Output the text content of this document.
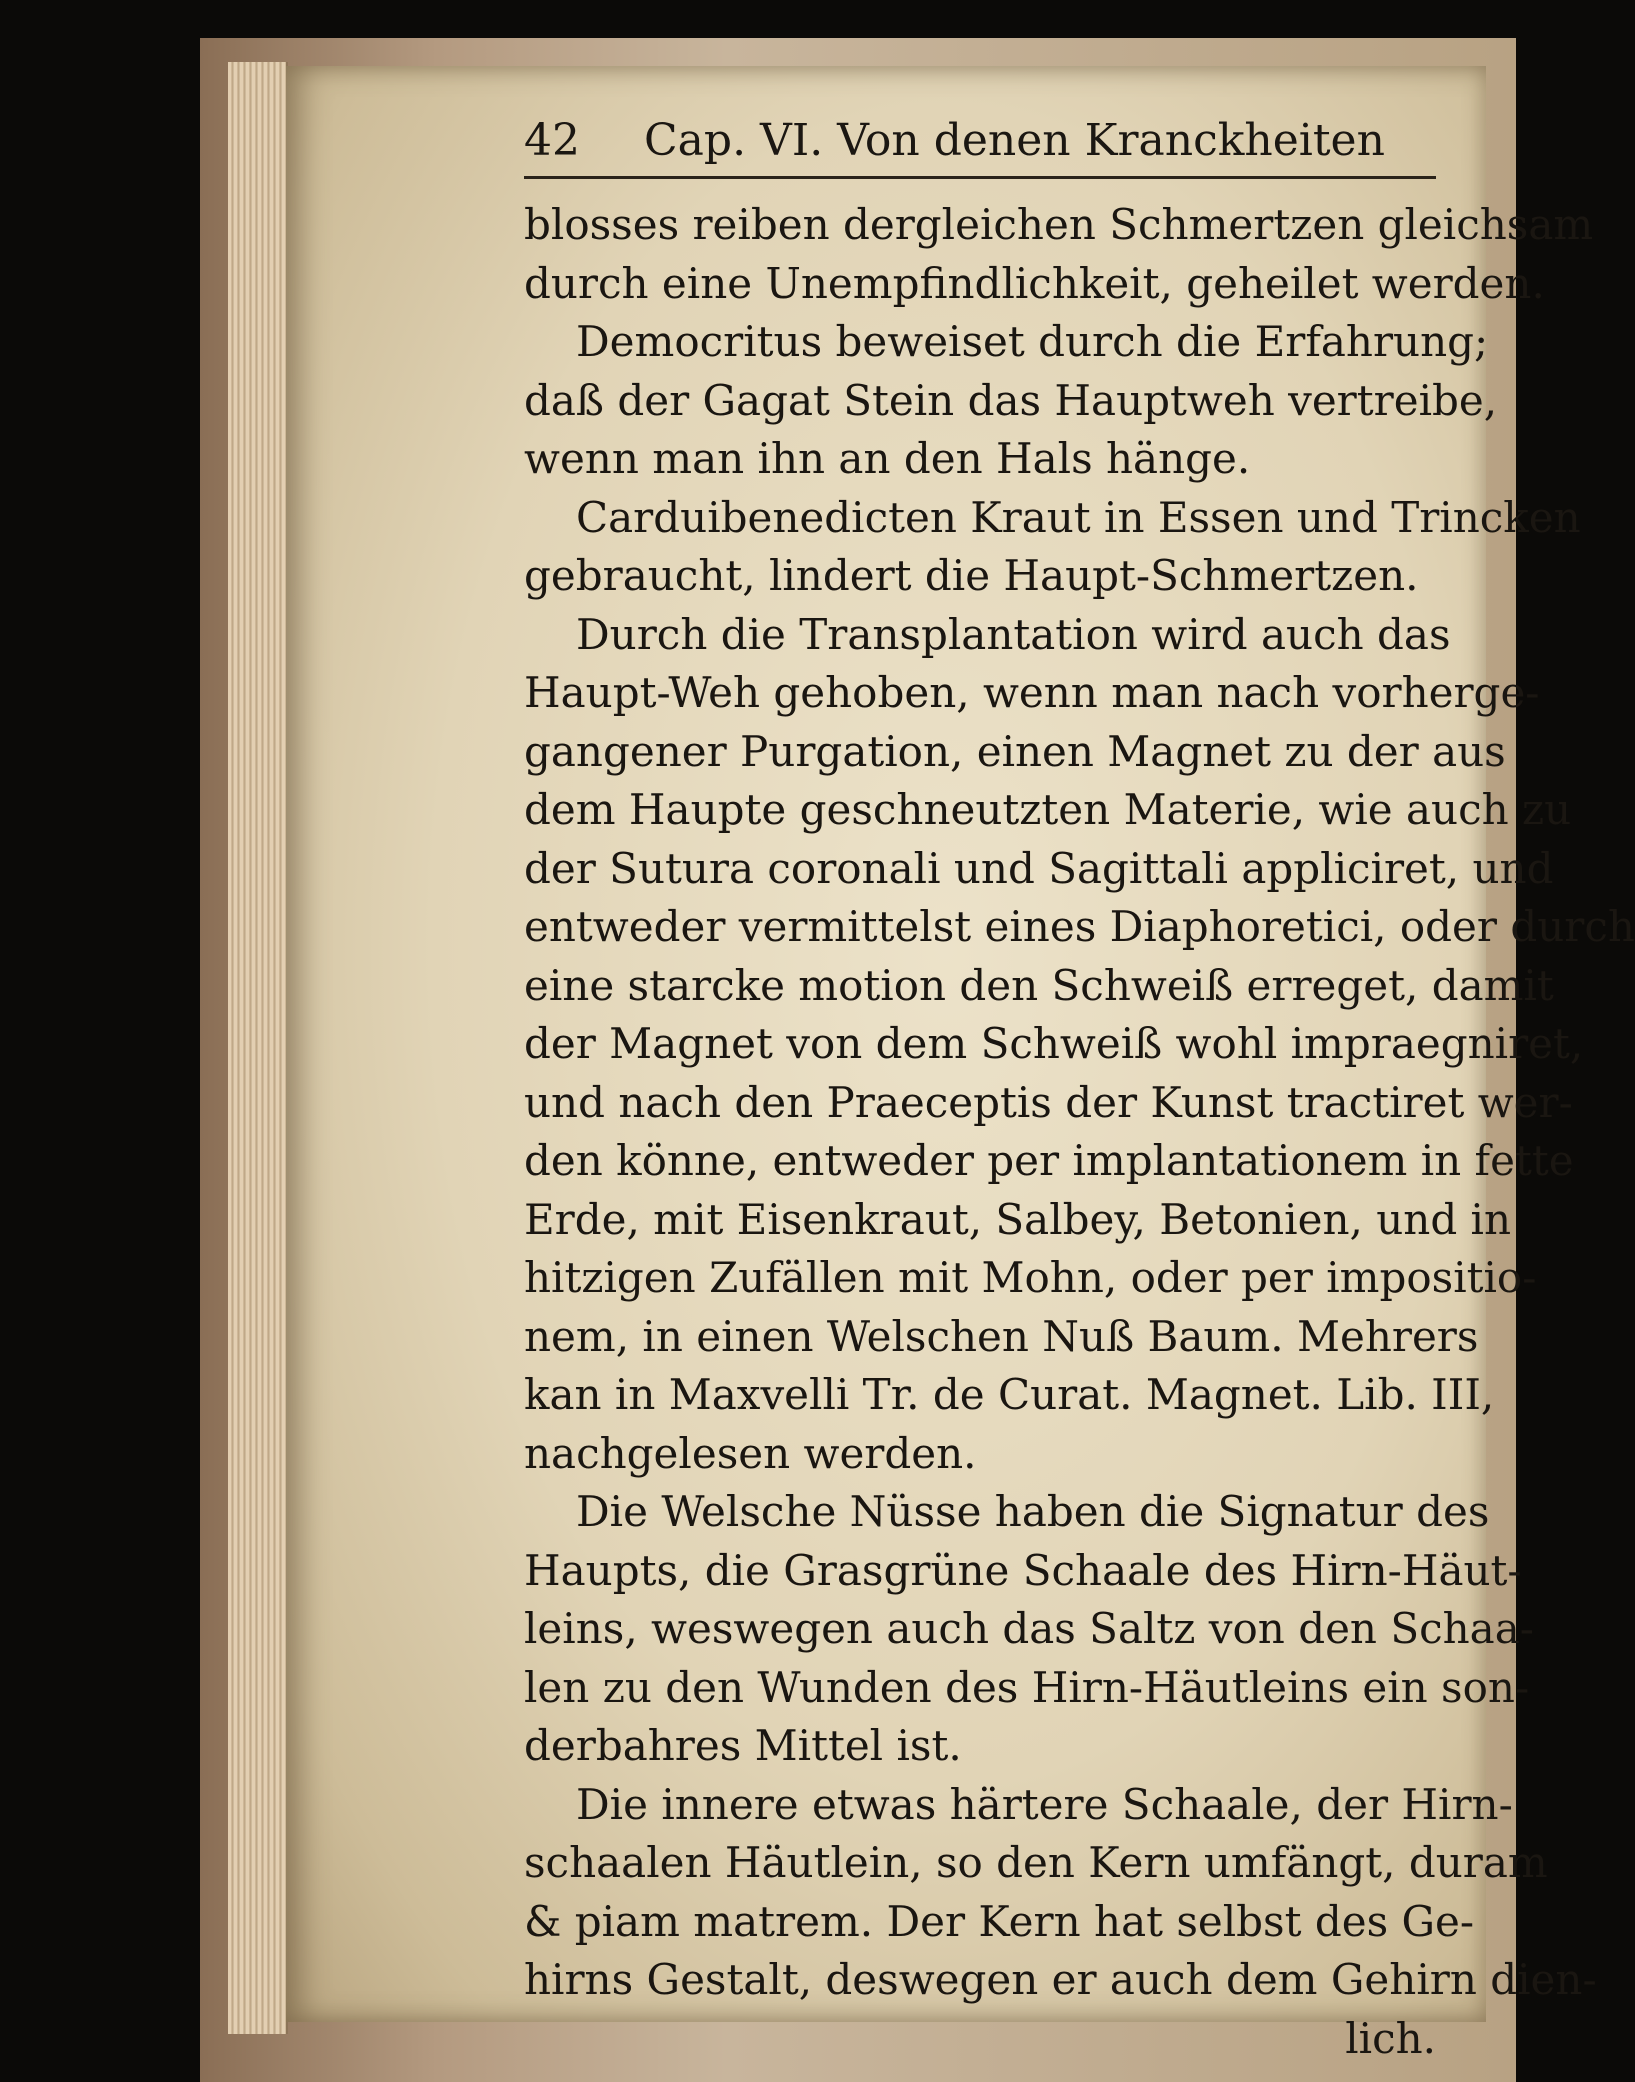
42 Cap. VI. Von denen Kranckheiten
blosses reiben dergleichen Schmertzen gleichsam
durch eine Unempfindlichkeit, geheilet werden.
Democritus beweiset durch die Erfahrung;
daß der Gagat Stein das Hauptweh vertreibe,
wenn man ihn an den Hals hänge.
Carduibenedicten Kraut in Essen und Trincken
gebraucht, lindert die Haupt-Schmertzen.
Durch die Transplantation wird auch das
Haupt-Weh gehoben, wenn man nach vorherge-
gangener Purgation, einen Magnet zu der aus
dem Haupte geschneutzten Materie, wie auch zu
der Sutura coronali und Sagittali appliciret, und
entweder vermittelst eines Diaphoretici, oder durch
eine starcke motion den Schweiß erreget, damit
der Magnet von dem Schweiß wohl impraegniret,
und nach den Praeceptis der Kunst tractiret wer-
den könne, entweder per implantationem in fette
Erde, mit Eisenkraut, Salbey, Betonien, und in
hitzigen Zufällen mit Mohn, oder per impositio-
nem, in einen Welschen Nuß Baum. Mehrers
kan in Maxvelli Tr. de Curat. Magnet. Lib. III,
nachgelesen werden.
Die Welsche Nüsse haben die Signatur des
Haupts, die Grasgrüne Schaale des Hirn-Häut-
leins, weswegen auch das Saltz von den Schaa-
len zu den Wunden des Hirn-Häutleins ein son-
derbahres Mittel ist.
Die innere etwas härtere Schaale, der Hirn-
schaalen Häutlein, so den Kern umfängt, duram
& piam matrem. Der Kern hat selbst des Ge-
hirns Gestalt, deswegen er auch dem Gehirn dien-
lich.
